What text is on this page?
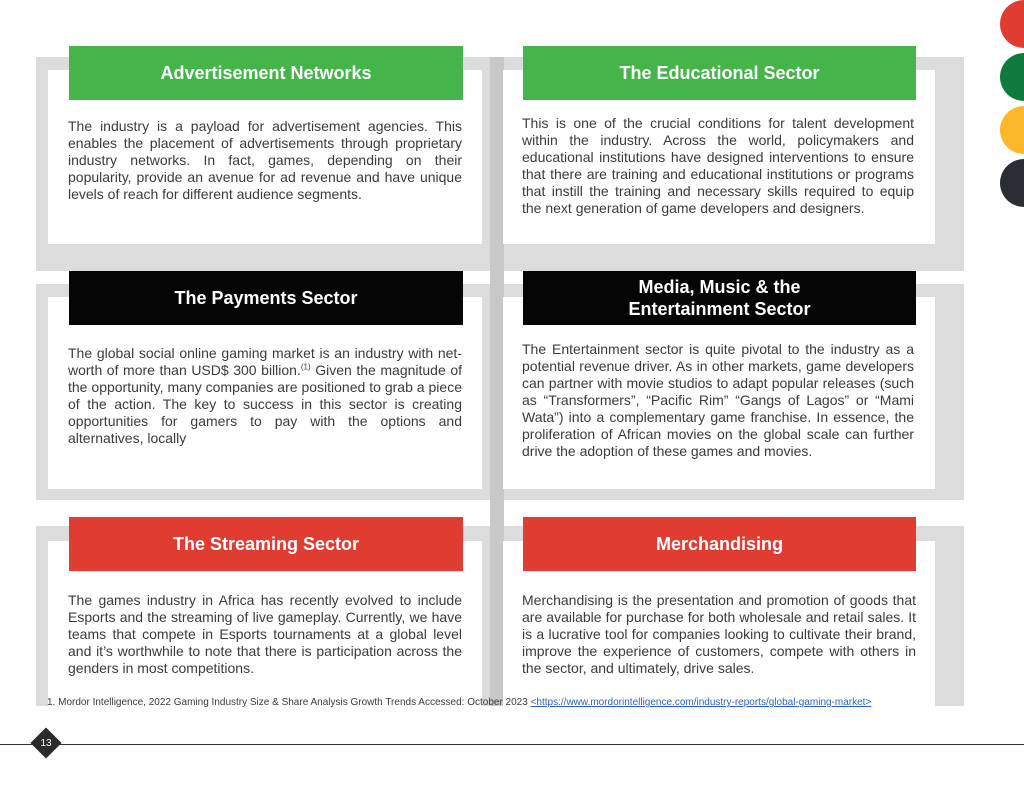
Advertisement Networks
The industry is a payload for advertisement agencies. This enables the placement of advertisements through proprietary industry networks. In fact, games, depending on their popularity, provide an avenue for ad revenue and have unique levels of reach for different audience segments.
The Educational Sector
This is one of the crucial conditions for talent development within the industry. Across the world, policymakers and educational institutions have designed interventions to ensure that there are training and educational institutions or programs that instill the training and necessary skills required to equip the next generation of game developers and designers.
The Payments Sector
The global social online gaming market is an industry with net-worth of more than USD$ 300 billion.$^{(1)}$ Given the magnitude of the opportunity, many companies are positioned to grab a piece of the action. The key to success in this sector is creating opportunities for gamers to pay with the options and alternatives, locally
Media, Music & the
Entertainment Sector
The Entertainment sector is quite pivotal to the industry as a potential revenue driver. As in other markets, game developers can partner with movie studios to adapt popular releases (such as “Transformers”, “Pacific Rim” “Gangs of Lagos” or “Mami Wata”) into a complementary game franchise. In essence, the proliferation of African movies on the global scale can further drive the adoption of these games and movies.
The Streaming Sector
The games industry in Africa has recently evolved to include Esports and the streaming of live gameplay. Currently, we have teams that compete in Esports tournaments at a global level and it’s worthwhile to note that there is participation across the genders in most competitions.
Merchandising
Merchandising is the presentation and promotion of goods that are available for purchase for both wholesale and retail sales. It is a lucrative tool for companies looking to cultivate their brand, improve the experience of customers, compete with others in the sector, and ultimately, drive sales.
1. Mordor Intelligence, 2022 Gaming Industry Size & Share Analysis Growth Trends Accessed: October 2023 <https://www.mordorintelligence.com/industry-reports/global-gaming-market>
13
